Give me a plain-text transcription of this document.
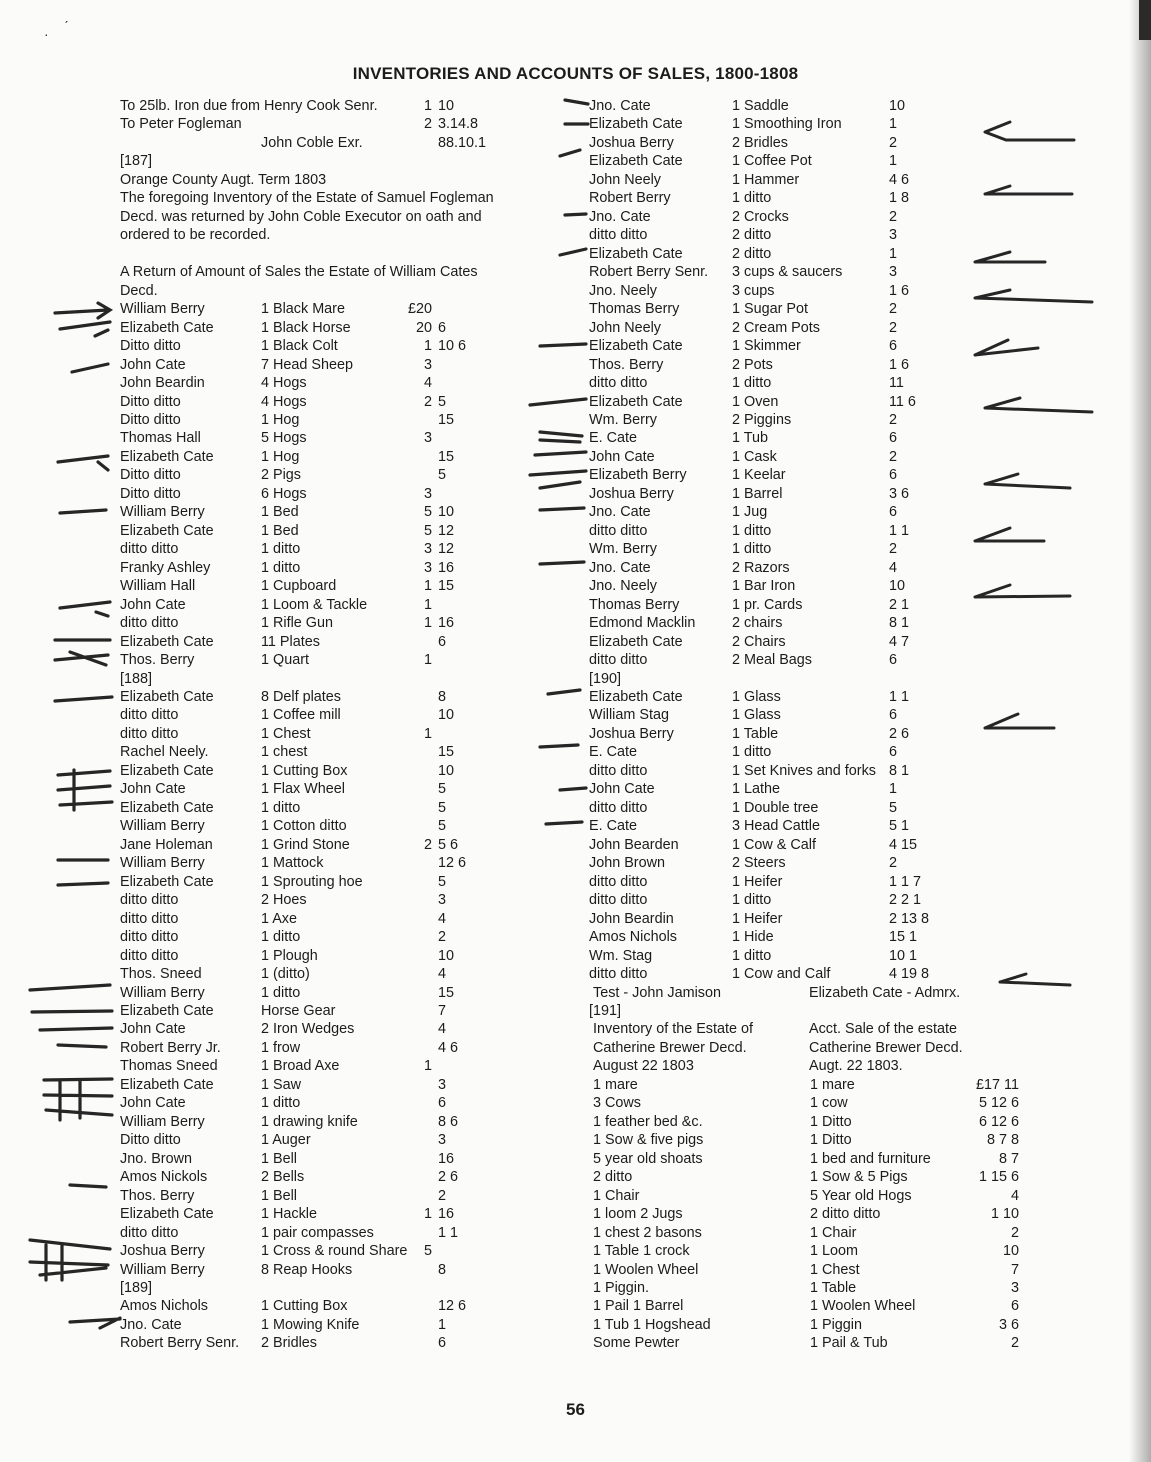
· ˊ
INVENTORIES AND ACCOUNTS OF SALES, 1800-1808
To 25lb. Iron due from Henry Cook Senr.	1 10
To Peter Fogleman	2 3.14.8
John Coble Exr.	88.10.1
[187]
Orange County Augt. Term 1803
The foregoing Inventory of the Estate of Samuel Fogleman
Decd. was returned by John Coble Executor on oath and
ordered to be recorded.
A Return of Amount of Sales the Estate of William Cates
Decd.
William Berry	1 Black Mare	£20
Elizabeth Cate	1 Black Horse	20 6
Ditto ditto	1 Black Colt	1 10 6
John Cate	7 Head Sheep	3
John Beardin	4 Hogs	4
Ditto ditto	4 Hogs	2 5
Ditto ditto	1 Hog	15
Thomas Hall	5 Hogs	3
Elizabeth Cate	1 Hog	15
Ditto ditto	2 Pigs	5
Ditto ditto	6 Hogs	3
William Berry	1 Bed	5 10
Elizabeth Cate	1 Bed	5 12
ditto ditto	1 ditto	3 12
Franky Ashley	1 ditto	3 16
William Hall	1 Cupboard	1 15
John Cate	1 Loom & Tackle	1
ditto ditto	1 Rifle Gun	1 16
Elizabeth Cate	11 Plates	6
Thos. Berry	1 Quart	1
[188]
Elizabeth Cate	8 Delf plates	8
ditto ditto	1 Coffee mill	10
ditto ditto	1 Chest	1
Rachel Neely.	1 chest	15
Elizabeth Cate	1 Cutting Box	10
John Cate	1 Flax Wheel	5
Elizabeth Cate	1 ditto	5
William Berry	1 Cotton ditto	5
Jane Holeman	1 Grind Stone	2 5 6
William Berry	1 Mattock	12 6
Elizabeth Cate	1 Sprouting hoe	5
ditto ditto	2 Hoes	3
ditto ditto	1 Axe	4
ditto ditto	1 ditto	2
ditto ditto	1 Plough	10
Thos. Sneed	1 (ditto)	4
William Berry	1 ditto	15
Elizabeth Cate	Horse Gear	7
John Cate	2 Iron Wedges	4
Robert Berry Jr.	1 frow	4 6
Thomas Sneed	1 Broad Axe	1
Elizabeth Cate	1 Saw	3
John Cate	1 ditto	6
William Berry	1 drawing knife	8 6
Ditto ditto	1 Auger	3
Jno. Brown	1 Bell	16
Amos Nickols	2 Bells	2 6
Thos. Berry	1 Bell	2
Elizabeth Cate	1 Hackle	1 16
ditto ditto	1 pair compasses	1 1
Joshua Berry	1 Cross & round Share	5
William Berry	8 Reap Hooks	8
[189]
Amos Nichols	1 Cutting Box	12 6
Jno. Cate	1 Mowing Knife	1
Robert Berry Senr. 2 Bridles	6
Jno. Cate	1 Saddle	10
Elizabeth Cate	1 Smoothing Iron	1
Joshua Berry	2 Bridles	2
Elizabeth Cate	1 Coffee Pot	1
John Neely	1 Hammer	4 6
Robert Berry	1 ditto	1 8
Jno. Cate	2 Crocks	2
ditto ditto	2 ditto	3
Elizabeth Cate	2 ditto	1
Robert Berry Senr. 3 cups & saucers	3
Jno. Neely	3 cups	1 6
Thomas Berry	1 Sugar Pot	2
John Neely	2 Cream Pots	2
Elizabeth Cate	1 Skimmer	6
Thos. Berry	2 Pots	1 6
ditto ditto	1 ditto	11
Elizabeth Cate	1 Oven	11 6
Wm. Berry	2 Piggins	2
E. Cate	1 Tub	6
John Cate	1 Cask	2
Elizabeth Berry	1 Keelar	6
Joshua Berry	1 Barrel	3 6
Jno. Cate	1 Jug	6
ditto ditto	1 ditto	1 1
Wm. Berry	1 ditto	2
Jno. Cate	2 Razors	4
Jno. Neely	1 Bar Iron	10
Thomas Berry	1 pr. Cards	2 1
Edmond Macklin	2 chairs	8 1
Elizabeth Cate	2 Chairs	4 7
ditto ditto	2 Meal Bags	6
[190]
Elizabeth Cate	1 Glass	1 1
William Stag	1 Glass	6
Joshua Berry	1 Table	2 6
E. Cate	1 ditto	6
ditto ditto	1 Set Knives and forks 8 1
John Cate	1 Lathe	1
ditto ditto	1 Double tree	5
E. Cate	3 Head Cattle	5 1
John Bearden	1 Cow & Calf	4 15
John Brown	2 Steers	2
ditto ditto	1 Heifer	1 1 7
ditto ditto	1 ditto	2 2 1
John Beardin	1 Heifer	2 13 8
Amos Nichols	1 Hide	15 1
Wm. Stag	1 ditto	10 1
ditto ditto	1 Cow and Calf	4 19 8
Test - John Jamison	Elizabeth Cate - Admrx.
[191]
Inventory of the Estate of	Acct. Sale of the estate
Catherine Brewer Decd.	Catherine Brewer Decd.
August 22 1803	Augt. 22 1803.
1 mare	1 mare	£17 11
3 Cows	1 cow	5 12 6
1 feather bed &c.	1 Ditto	6 12 6
1 Sow & five pigs	1 Ditto	8 7 8
5 year old shoats	1 bed and furniture	8 7
2 ditto	1 Sow & 5 Pigs	1 15 6
1 Chair	5 Year old Hogs	4
1 loom 2 Jugs	2 ditto ditto	1 10
1 chest 2 basons	1 Chair	2
1 Table 1 crock	1 Loom	10
1 Woolen Wheel	1 Chest	7
1 Piggin.	1 Table	3
1 Pail 1 Barrel	1 Woolen Wheel	6
1 Tub 1 Hogshead	1 Piggin	3 6
Some Pewter	1 Pail & Tub	2
56
